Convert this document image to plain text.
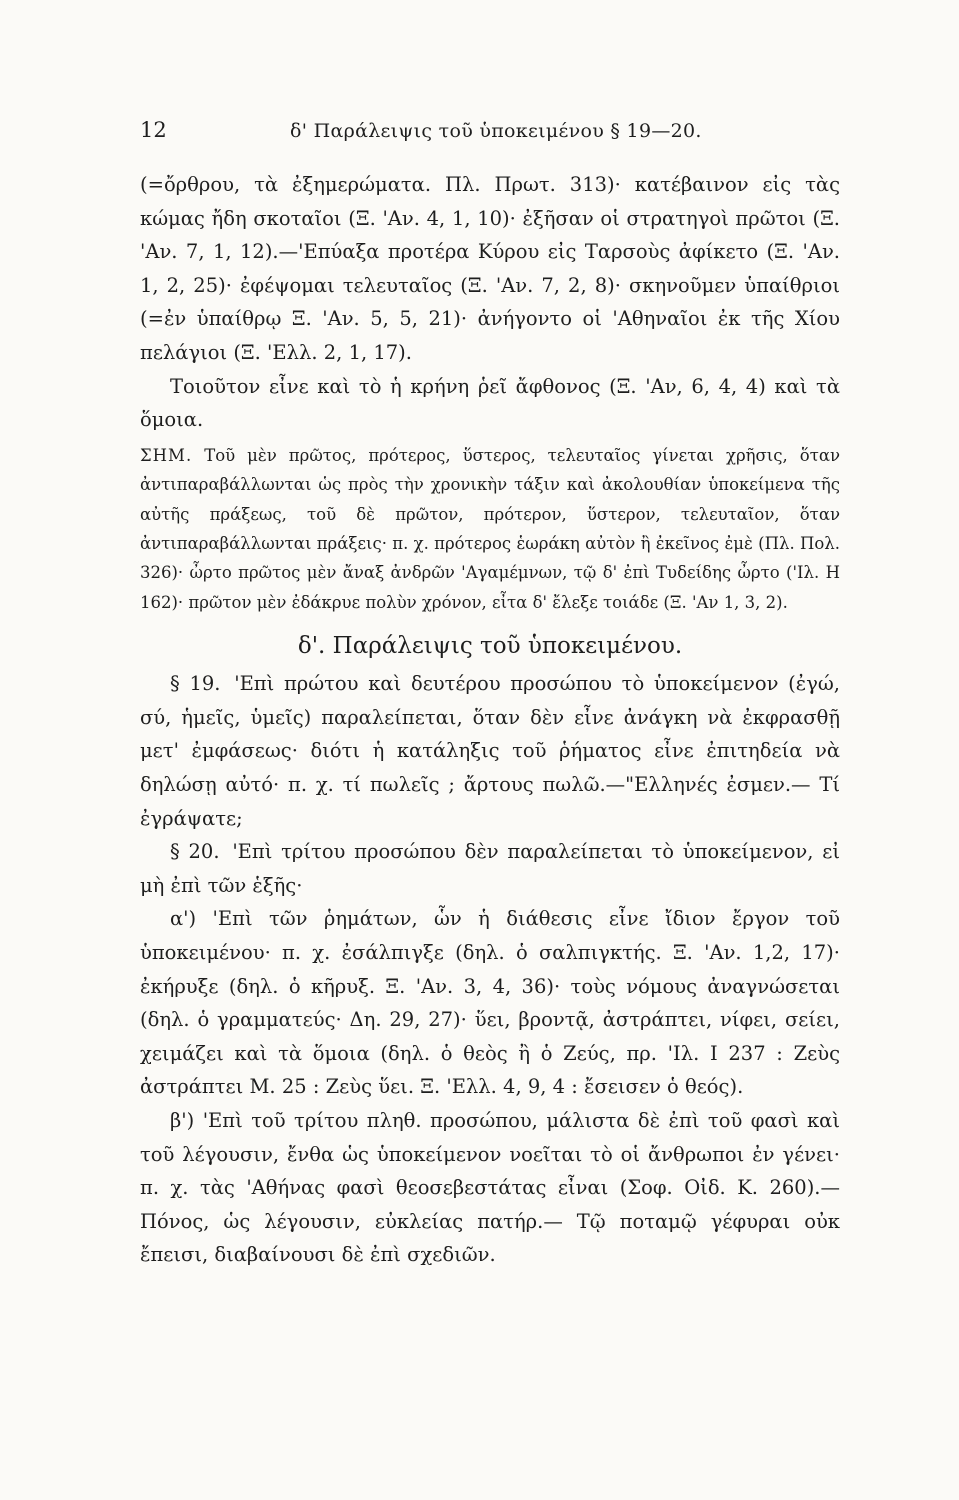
12	δ' Παράλειψις τοῦ ὑποκειμένου § 19—20.

(=ὄρθρου, τὰ ἐξημερώματα. Πλ. Πρωτ. 313)· κατέβαινον εἰς τὰς κώμας ἤδη σκοταῖοι (Ξ. 'Αν. 4, 1, 10)· ἐξῆσαν οἱ στρατηγοὶ πρῶτοι (Ξ. 'Αν. 7, 1, 12).—'Επύαξα προτέρα Κύρου εἰς Ταρσοὺς ἀφίκετο (Ξ. 'Αν. 1, 2, 25)· ἐφέψομαι τελευταῖος (Ξ. 'Αν. 7, 2, 8)· σκηνοῦμεν ὑπαίθριοι (=ἐν ὑπαίθρῳ Ξ. 'Αν. 5, 5, 21)· ἀνήγοντο οἱ 'Αθηναῖοι ἐκ τῆς Χίου πελάγιοι (Ξ. 'Ελλ. 2, 1, 17).

Τοιοῦτον εἶνε καὶ τὸ ἡ κρήνη ῥεῖ ἄφθονος (Ξ. 'Αν, 6, 4, 4) καὶ τὰ ὅμοια.

ΣΗΜ. Τοῦ μὲν πρῶτος, πρότερος, ὕστερος, τελευταῖος γίνεται χρῆσις, ὅταν ἀντιπαραβάλλωνται ὡς πρὸς τὴν χρονικὴν τάξιν καὶ ἀκολουθίαν ὑποκείμενα τῆς αὐτῆς πράξεως, τοῦ δὲ πρῶτον, πρότερον, ὕστερον, τελευταῖον, ὅταν ἀντιπαραβάλλωνται πράξεις· π. χ. πρότερος ἑωράκη αὐτὸν ἢ ἐκεῖνος ἐμὲ (Πλ. Πολ. 326)· ὦρτο πρῶτος μὲν ἄναξ ἀνδρῶν 'Αγαμέμνων, τῷ δ' ἐπὶ Τυδείδης ὦρτο ('Ιλ. Η 162)· πρῶτον μὲν ἐδάκρυε πολὺν χρόνον, εἶτα δ' ἔλεξε τοιάδε (Ξ. 'Αν 1, 3, 2).

δ'. Παράλειψις τοῦ ὑποκειμένου.

§ 19. 'Επὶ πρώτου καὶ δευτέρου προσώπου τὸ ὑποκείμενον (ἐγώ, σύ, ἡμεῖς, ὑμεῖς) παραλείπεται, ὅταν δὲν εἶνε ἀνάγκη νὰ ἐκφρασθῇ μετ' ἐμφάσεως· διότι ἡ κατάληξις τοῦ ῥήματος εἶνε ἐπιτηδεία νὰ δηλώσῃ αὐτό· π. χ. τί πωλεῖς ; ἄρτους πωλῶ.—"Ελληνές ἐσμεν.— Τί ἐγράψατε;

§ 20. 'Επὶ τρίτου προσώπου δὲν παραλείπεται τὸ ὑποκείμενον, εἰ μὴ ἐπὶ τῶν ἑξῆς·

α') 'Επὶ τῶν ῥημάτων, ὧν ἡ διάθεσις εἶνε ἴδιον ἔργον τοῦ ὑποκειμένου· π. χ. ἐσάλπιγξε (δηλ. ὁ σαλπιγκτής. Ξ. 'Αν. 1,2, 17)· ἐκήρυξε (δηλ. ὁ κῆρυξ. Ξ. 'Αν. 3, 4, 36)· τοὺς νόμους ἀναγνώσεται (δηλ. ὁ γραμματεύς· Δη. 29, 27)· ὕει, βροντᾷ, ἀστράπτει, νίφει, σείει, χειμάζει καὶ τὰ ὅμοια (δηλ. ὁ θεὸς ἢ ὁ Ζεύς, πρ. 'Ιλ. Ι 237 : Ζεὺς ἀστράπτει Μ. 25 : Ζεὺς ὕει. Ξ. 'Ελλ. 4, 9, 4 : ἔσεισεν ὁ θεός).

β') 'Επὶ τοῦ τρίτου πληθ. προσώπου, μάλιστα δὲ ἐπὶ τοῦ φασὶ καὶ τοῦ λέγουσιν, ἔνθα ὡς ὑποκείμενον νοεῖται τὸ οἱ ἄνθρωποι ἐν γένει· π. χ. τὰς 'Αθήνας φασὶ θεοσεβεστάτας εἶναι (Σοφ. Οἰδ. Κ. 260).—Πόνος, ὡς λέγουσιν, εὐκλείας πατήρ.— Τῷ ποταμῷ γέφυραι οὐκ ἔπεισι, διαβαίνουσι δὲ ἐπὶ σχεδιῶν.
